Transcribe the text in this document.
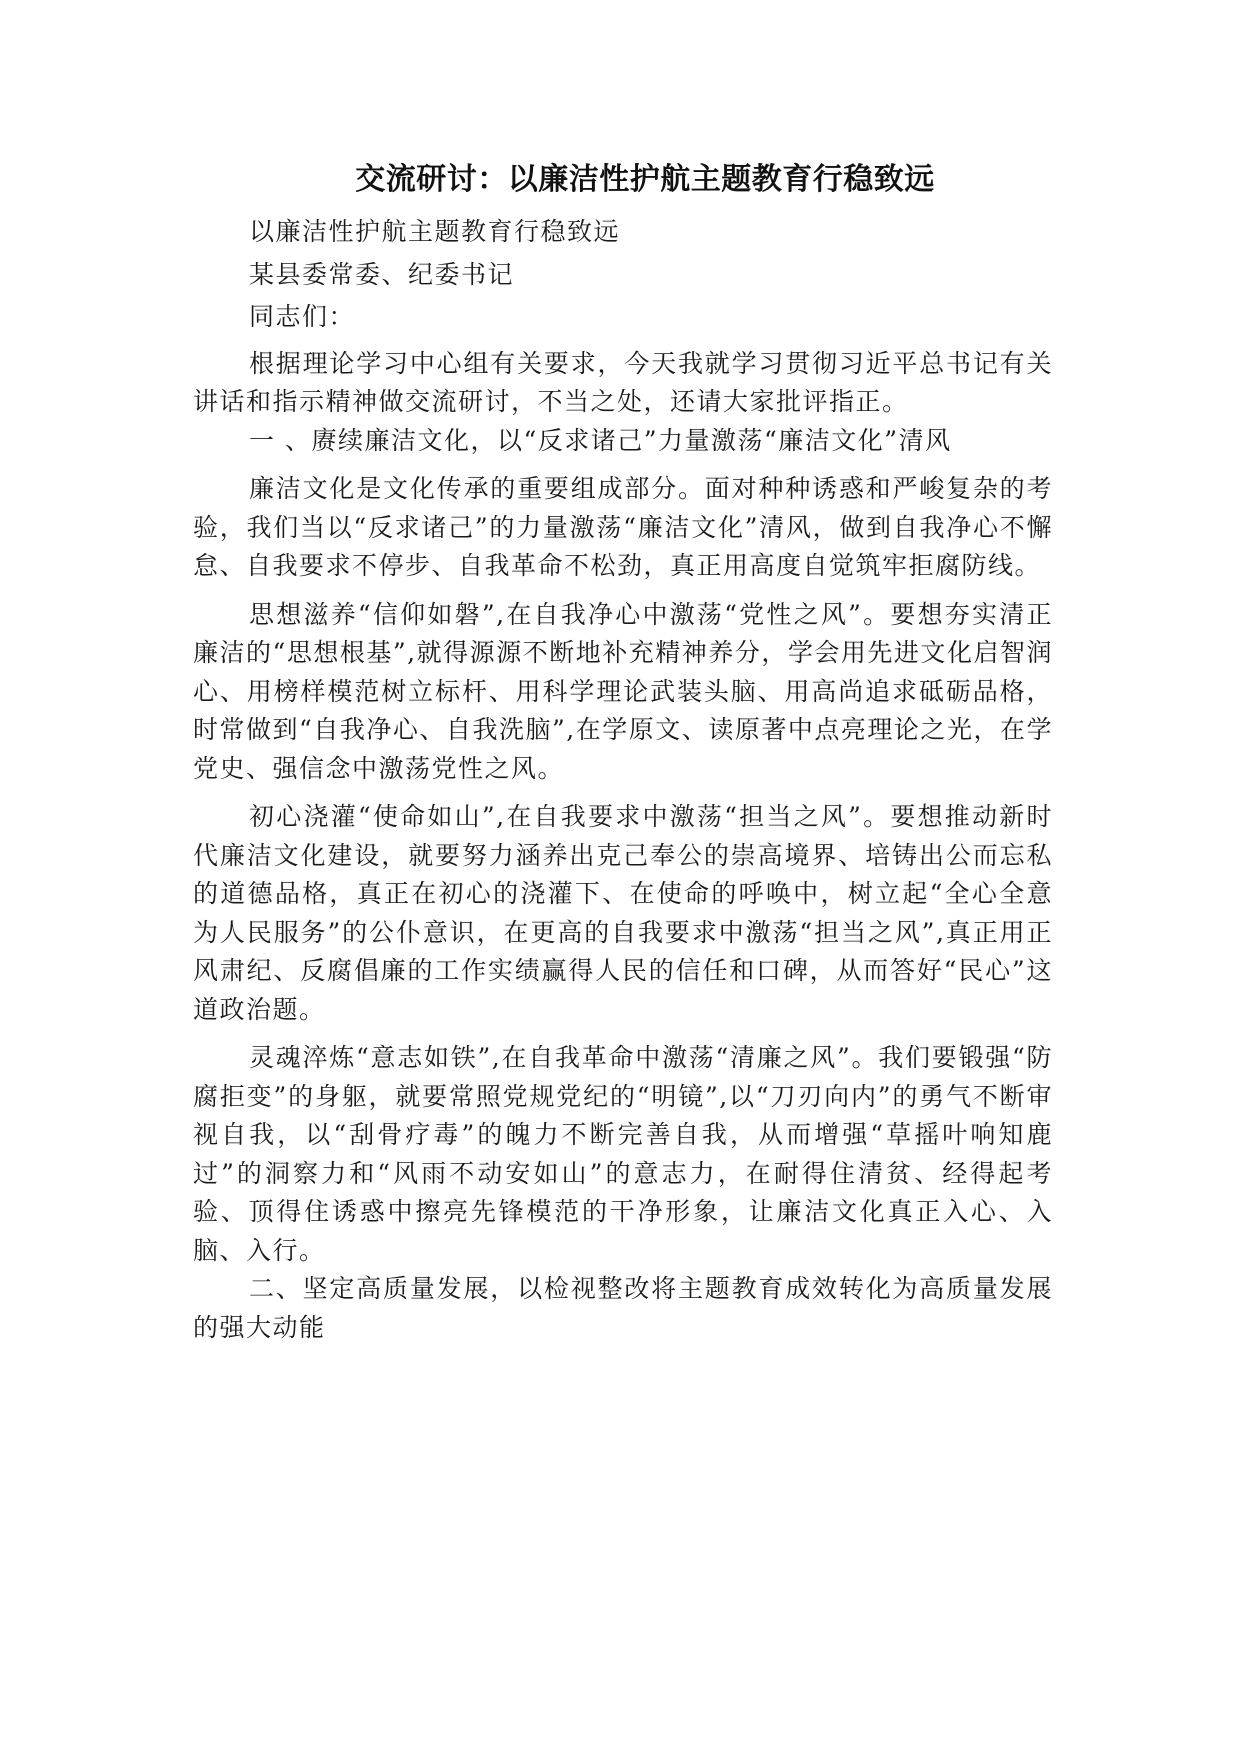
交流研讨：以廉洁性护航主题教育行稳致远

以廉洁性护航主题教育行稳致远

某县委常委、纪委书记

同志们：

根据理论学习中心组有关要求，今天我就学习贯彻习近平总书记有关讲话和指示精神做交流研讨，不当之处，还请大家批评指正。

一 、赓续廉洁文化，以“反求诸己”力量激荡“廉洁文化”清风

廉洁文化是文化传承的重要组成部分。面对种种诱惑和严峻复杂的考验，我们当以“反求诸己”的力量激荡“廉洁文化”清风，做到自我净心不懈怠、自我要求不停步、自我革命不松劲，真正用高度自觉筑牢拒腐防线。

思想滋养“信仰如磐”,在自我净心中激荡“党性之风”。要想夯实清正廉洁的“思想根基”,就得源源不断地补充精神养分，学会用先进文化启智润心、用榜样模范树立标杆、用科学理论武装头脑、用高尚追求砥砺品格，时常做到“自我净心、自我洗脑”,在学原文、读原著中点亮理论之光，在学党史、强信念中激荡党性之风。

初心浇灌“使命如山”,在自我要求中激荡“担当之风”。要想推动新时代廉洁文化建设，就要努力涵养出克己奉公的崇高境界、培铸出公而忘私的道德品格，真正在初心的浇灌下、在使命的呼唤中，树立起“全心全意为人民服务”的公仆意识，在更高的自我要求中激荡“担当之风”,真正用正风肃纪、反腐倡廉的工作实绩赢得人民的信任和口碑，从而答好“民心”这道政治题。

灵魂淬炼“意志如铁”,在自我革命中激荡“清廉之风”。我们要锻强“防腐拒变”的身躯，就要常照党规党纪的“明镜”,以“刀刃向内”的勇气不断审视自我，以“刮骨疗毒”的魄力不断完善自我，从而增强“草摇叶响知鹿过”的洞察力和“风雨不动安如山”的意志力，在耐得住清贫、经得起考验、顶得住诱惑中擦亮先锋模范的干净形象，让廉洁文化真正入心、入脑、入行。

二、坚定高质量发展，以检视整改将主题教育成效转化为高质量发展的强大动能
